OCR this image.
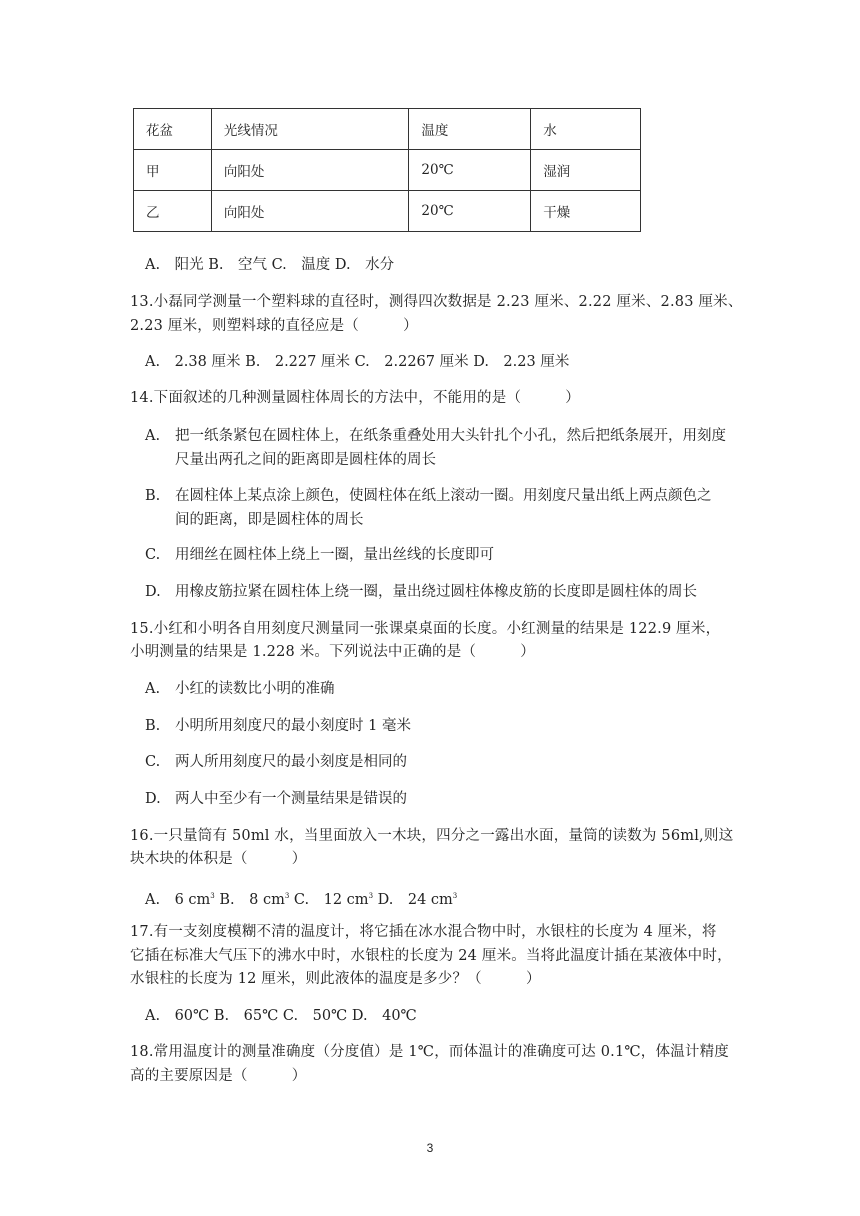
花盆	光线情况	温度	水
甲	向阳处	20℃	湿润
乙	向阳处	20℃	干燥
A.　阳光 B.　空气 C.　温度 D.　水分
13.小磊同学测量一个塑料球的直径时，测得四次数据是 2.23 厘米、2.22 厘米、2.83 厘米、
2.23 厘米，则塑料球的直径应是（　　　）
A.　2.38 厘米 B.　2.227 厘米 C.　2.2267 厘米 D.　2.23 厘米
14.下面叙述的几种测量圆柱体周长的方法中，不能用的是（　　　）
A. 把一纸条紧包在圆柱体上，在纸条重叠处用大头针扎个小孔，然后把纸条展开，用刻度
尺量出两孔之间的距离即是圆柱体的周长
B. 在圆柱体上某点涂上颜色，使圆柱体在纸上滚动一圈。用刻度尺量出纸上两点颜色之
间的距离，即是圆柱体的周长
C. 用细丝在圆柱体上绕上一圈，量出丝线的长度即可
D. 用橡皮筋拉紧在圆柱体上绕一圈，量出绕过圆柱体橡皮筋的长度即是圆柱体的周长
15.小红和小明各自用刻度尺测量同一张课桌桌面的长度。小红测量的结果是 122.9 厘米，
小明测量的结果是 1.228 米。下列说法中正确的是（　　　）
A. 小红的读数比小明的准确
B. 小明所用刻度尺的最小刻度时 1 毫米
C. 两人所用刻度尺的最小刻度是相同的
D. 两人中至少有一个测量结果是错误的
16.一只量筒有 50ml 水，当里面放入一木块，四分之一露出水面，量筒的读数为 56ml,则这
块木块的体积是（　　　）
A.　6 $cm^3$ B.　8 $cm^3$ C.　12 $cm^3$ D.　24 $cm^3$
17.有一支刻度模糊不清的温度计，将它插在冰水混合物中时，水银柱的长度为 4 厘米，将
它插在标准大气压下的沸水中时，水银柱的长度为 24 厘米。当将此温度计插在某液体中时，
水银柱的长度为 12 厘米，则此液体的温度是多少？（　　　）
A.　60℃ B.　65℃ C.　50℃ D.　40℃
18.常用温度计的测量准确度（分度值）是 1℃，而体温计的准确度可达 0.1℃，体温计精度
高的主要原因是（　　　）
3
